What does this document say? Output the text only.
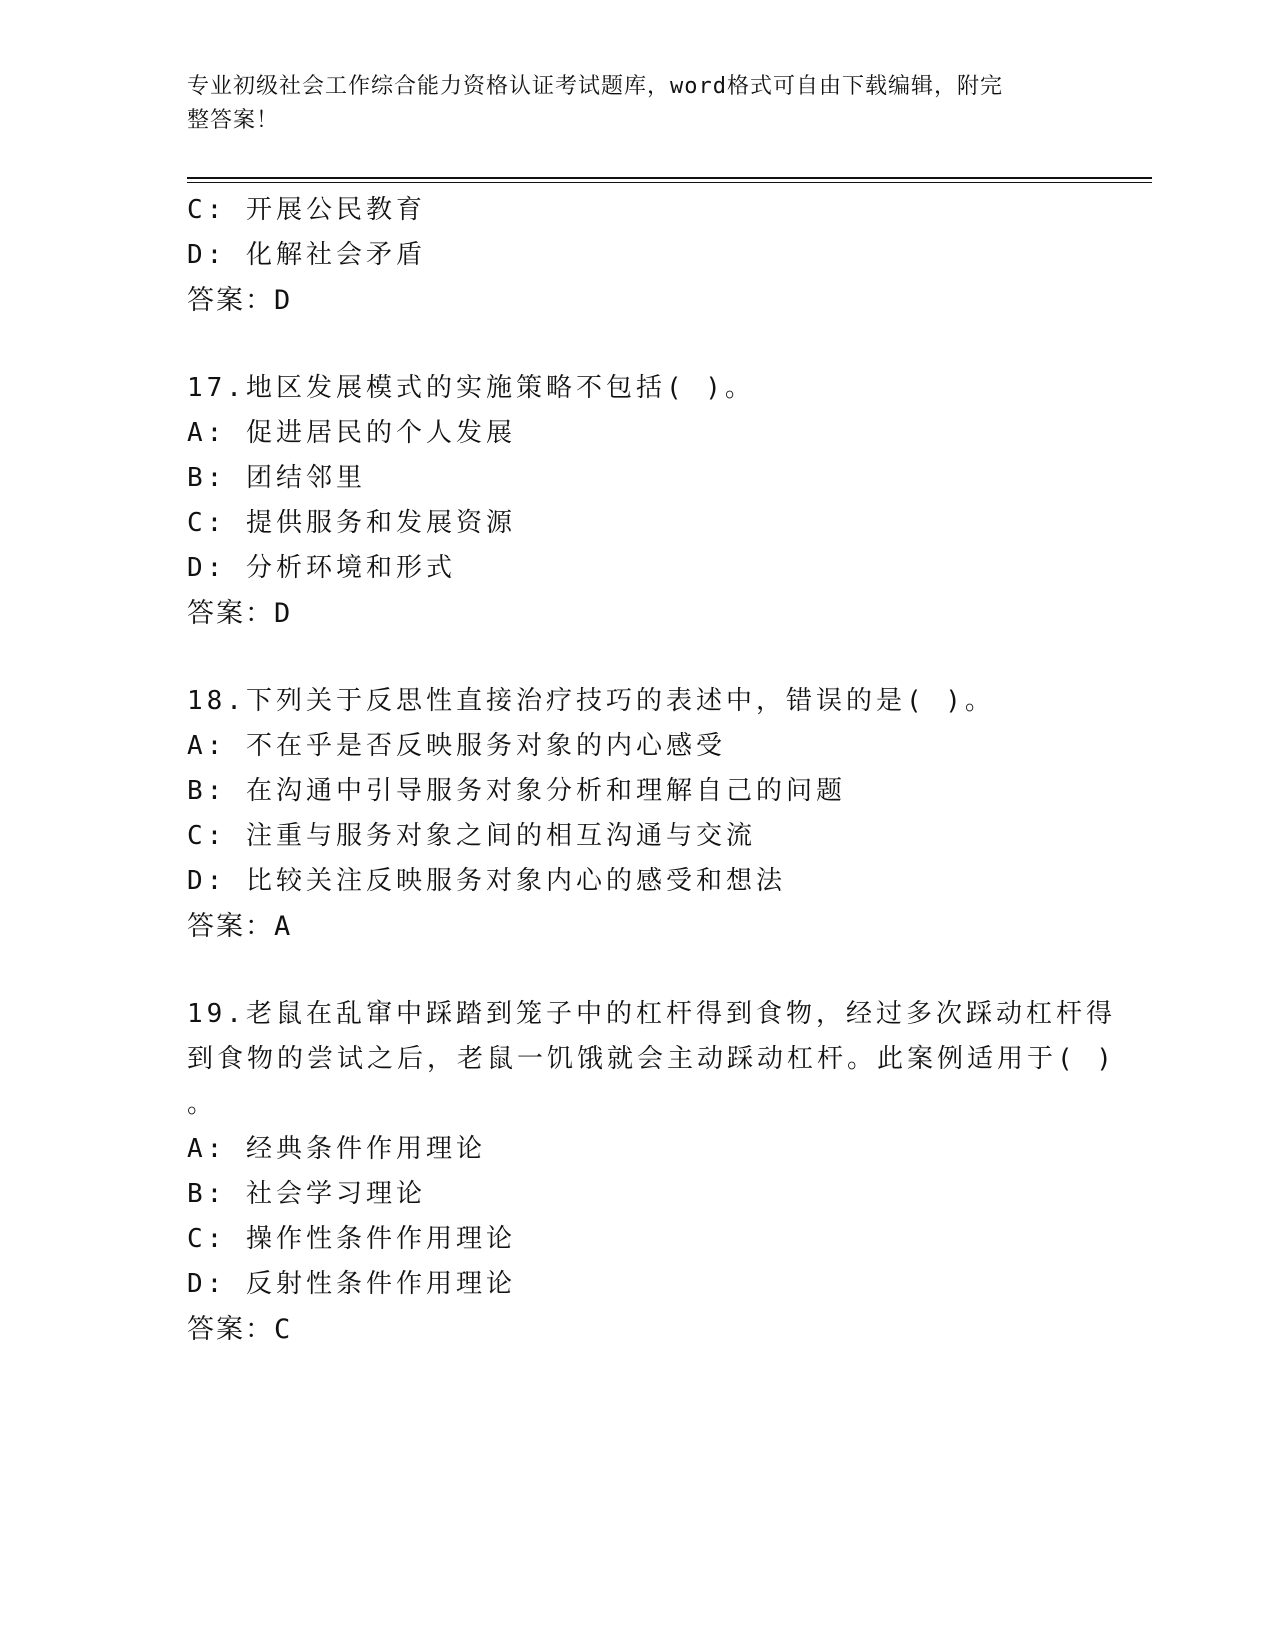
专业初级社会工作综合能力资格认证考试题库，word格式可自由下载编辑，附完
整答案！
C: 开展公民教育
D: 化解社会矛盾
答案：D
17.地区发展模式的实施策略不包括( )。
A: 促进居民的个人发展
B: 团结邻里
C: 提供服务和发展资源
D: 分析环境和形式
答案：D
18.下列关于反思性直接治疗技巧的表述中，错误的是( )。
A: 不在乎是否反映服务对象的内心感受
B: 在沟通中引导服务对象分析和理解自己的问题
C: 注重与服务对象之间的相互沟通与交流
D: 比较关注反映服务对象内心的感受和想法
答案：A
19.老鼠在乱窜中踩踏到笼子中的杠杆得到食物，经过多次踩动杠杆得
到食物的尝试之后，老鼠一饥饿就会主动踩动杠杆。此案例适用于( )
。
A: 经典条件作用理论
B: 社会学习理论
C: 操作性条件作用理论
D: 反射性条件作用理论
答案：C
